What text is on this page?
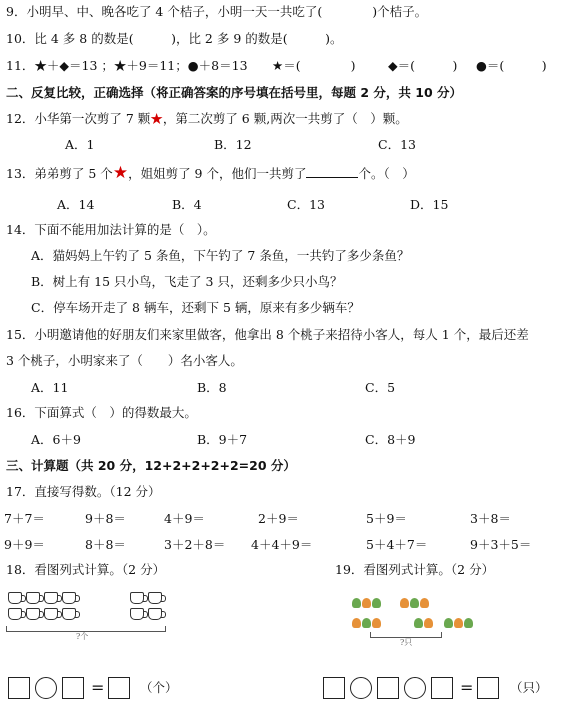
9．小明早、中、晚各吃了 4 个桔子，小明一天一共吃了(　　　　)个桔子。
10．比 4 多 8 的数是(　　　)，比 2 多 9 的数是(　　　)。
11．★＋◆＝13 ；★＋9＝11；●＋8＝13 ★＝(　　　　)	◆＝(　　　) ●＝(　　　)
二、反复比较，正确选择（将正确答案的序号填在括号里，每题 2 分，共 10 分）
12．小华第一次剪了 7 颗★，第二次剪了 6 颗,两次一共剪了（　）颗。
A．1	B．12	C．13
13．弟弟剪了 5 个★，姐姐剪了 9 个，他们一共剪了	个。（　）
A．14	B．4	C．13	D．15
14．下面不能用加法计算的是（　）。
A．猫妈妈上午钓了 5 条鱼，下午钓了 7 条鱼，一共钓了多少条鱼？
B．树上有 15 只小鸟，飞走了 3 只，还剩多少只小鸟？
C．停车场开走了 8 辆车，还剩下 5 辆，原来有多少辆车？
15．小明邀请他的好朋友们来家里做客，他拿出 8 个桃子来招待小客人，每人 1 个，最后还差
3 个桃子，小明家来了（　　）名小客人。
A．11	B．8	C．5
16．下面算式（　）的得数最大。
A．6＋9	B．9＋7	C．8＋9
三、计算题（共 20 分，12+2+2+2+2=20 分）
17．直接写得数。（12 分）
7＋7＝	9＋8＝	4＋9＝	2＋9＝	5＋9＝	3＋8＝
9＋9＝	8＋8＝	3＋2＋8＝ 4＋4＋9＝	5＋4＋7＝	9＋3＋5＝
18．看图列式计算。（2 分）	19．看图列式计算。（2 分）
?个
?只
=	（个）	=	（只）
